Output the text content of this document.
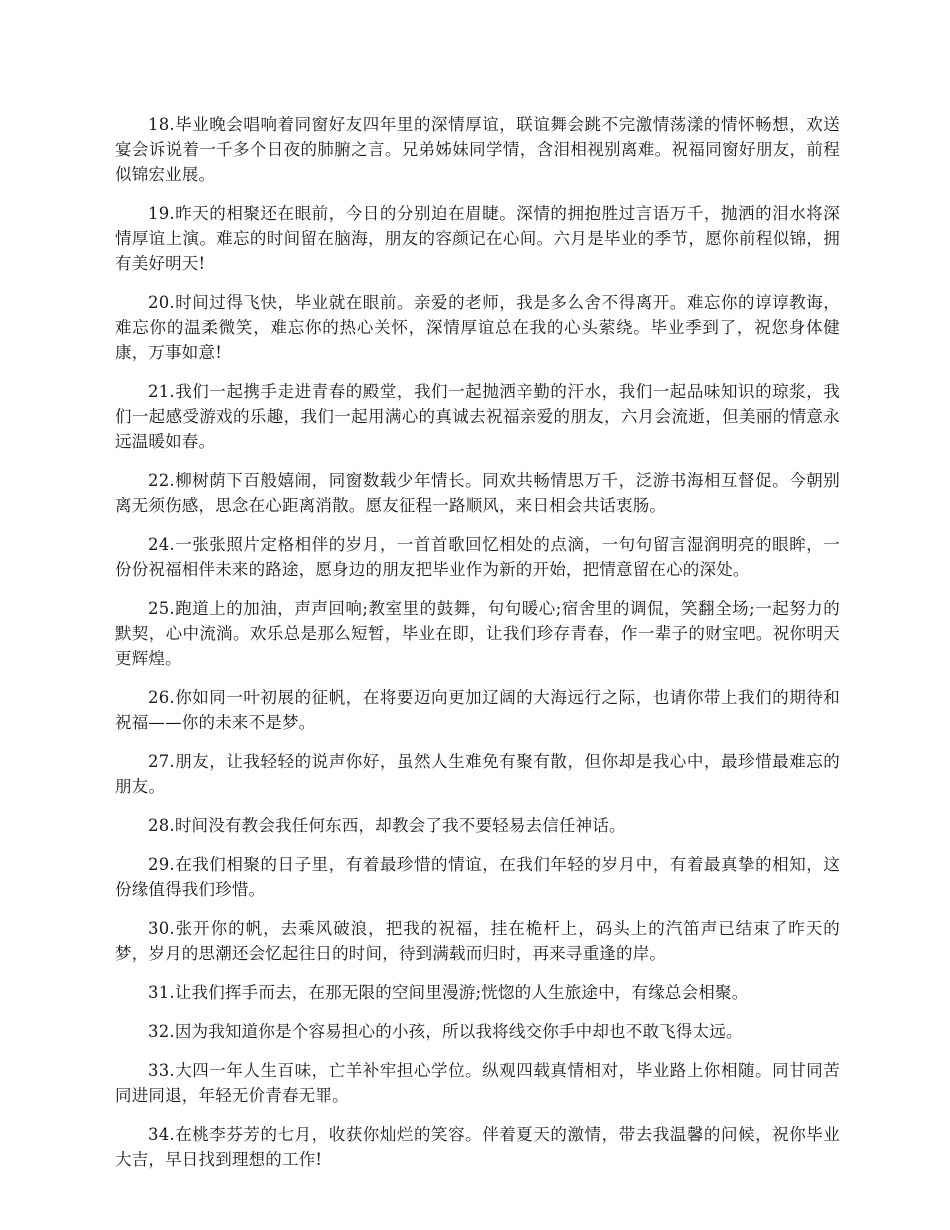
18.毕业晚会唱响着同窗好友四年里的深情厚谊，联谊舞会跳不完激情荡漾的情怀畅想，欢送宴会诉说着一千多个日夜的肺腑之言。兄弟姊妹同学情，含泪相视别离难。祝福同窗好朋友，前程似锦宏业展。

19.昨天的相聚还在眼前，今日的分别迫在眉睫。深情的拥抱胜过言语万千，抛洒的泪水将深情厚谊上演。难忘的时间留在脑海，朋友的容颜记在心间。六月是毕业的季节，愿你前程似锦，拥有美好明天!

20.时间过得飞快，毕业就在眼前。亲爱的老师，我是多么舍不得离开。难忘你的谆谆教诲，难忘你的温柔微笑，难忘你的热心关怀，深情厚谊总在我的心头萦绕。毕业季到了，祝您身体健康，万事如意!

21.我们一起携手走进青春的殿堂，我们一起抛洒辛勤的汗水，我们一起品味知识的琼浆，我们一起感受游戏的乐趣，我们一起用满心的真诚去祝福亲爱的朋友，六月会流逝，但美丽的情意永远温暖如春。

22.柳树荫下百般嬉闹，同窗数载少年情长。同欢共畅情思万千，泛游书海相互督促。今朝别离无须伤感，思念在心距离消散。愿友征程一路顺风，来日相会共话衷肠。

24.一张张照片定格相伴的岁月，一首首歌回忆相处的点滴，一句句留言湿润明亮的眼眸，一份份祝福相伴未来的路途，愿身边的朋友把毕业作为新的开始，把情意留在心的深处。

25.跑道上的加油，声声回响;教室里的鼓舞，句句暖心;宿舍里的调侃，笑翻全场;一起努力的默契，心中流淌。欢乐总是那么短暂，毕业在即，让我们珍存青春，作一辈子的财宝吧。祝你明天更辉煌。

26.你如同一叶初展的征帆，在将要迈向更加辽阔的大海远行之际，也请你带上我们的期待和祝福——你的未来不是梦。

27.朋友，让我轻轻的说声你好，虽然人生难免有聚有散，但你却是我心中，最珍惜最难忘的朋友。

28.时间没有教会我任何东西，却教会了我不要轻易去信任神话。

29.在我们相聚的日子里，有着最珍惜的情谊，在我们年轻的岁月中，有着最真挚的相知，这份缘值得我们珍惜。

30.张开你的帆，去乘风破浪，把我的祝福，挂在桅杆上，码头上的汽笛声已结束了昨天的梦，岁月的思潮还会忆起往日的时间，待到满载而归时，再来寻重逢的岸。

31.让我们挥手而去，在那无限的空间里漫游;恍惚的人生旅途中，有缘总会相聚。

32.因为我知道你是个容易担心的小孩，所以我将线交你手中却也不敢飞得太远。

33.大四一年人生百味，亡羊补牢担心学位。纵观四载真情相对，毕业路上你相随。同甘同苦同进同退，年轻无价青春无罪。

34.在桃李芬芳的七月，收获你灿烂的笑容。伴着夏天的激情，带去我温馨的问候，祝你毕业大吉，早日找到理想的工作!
